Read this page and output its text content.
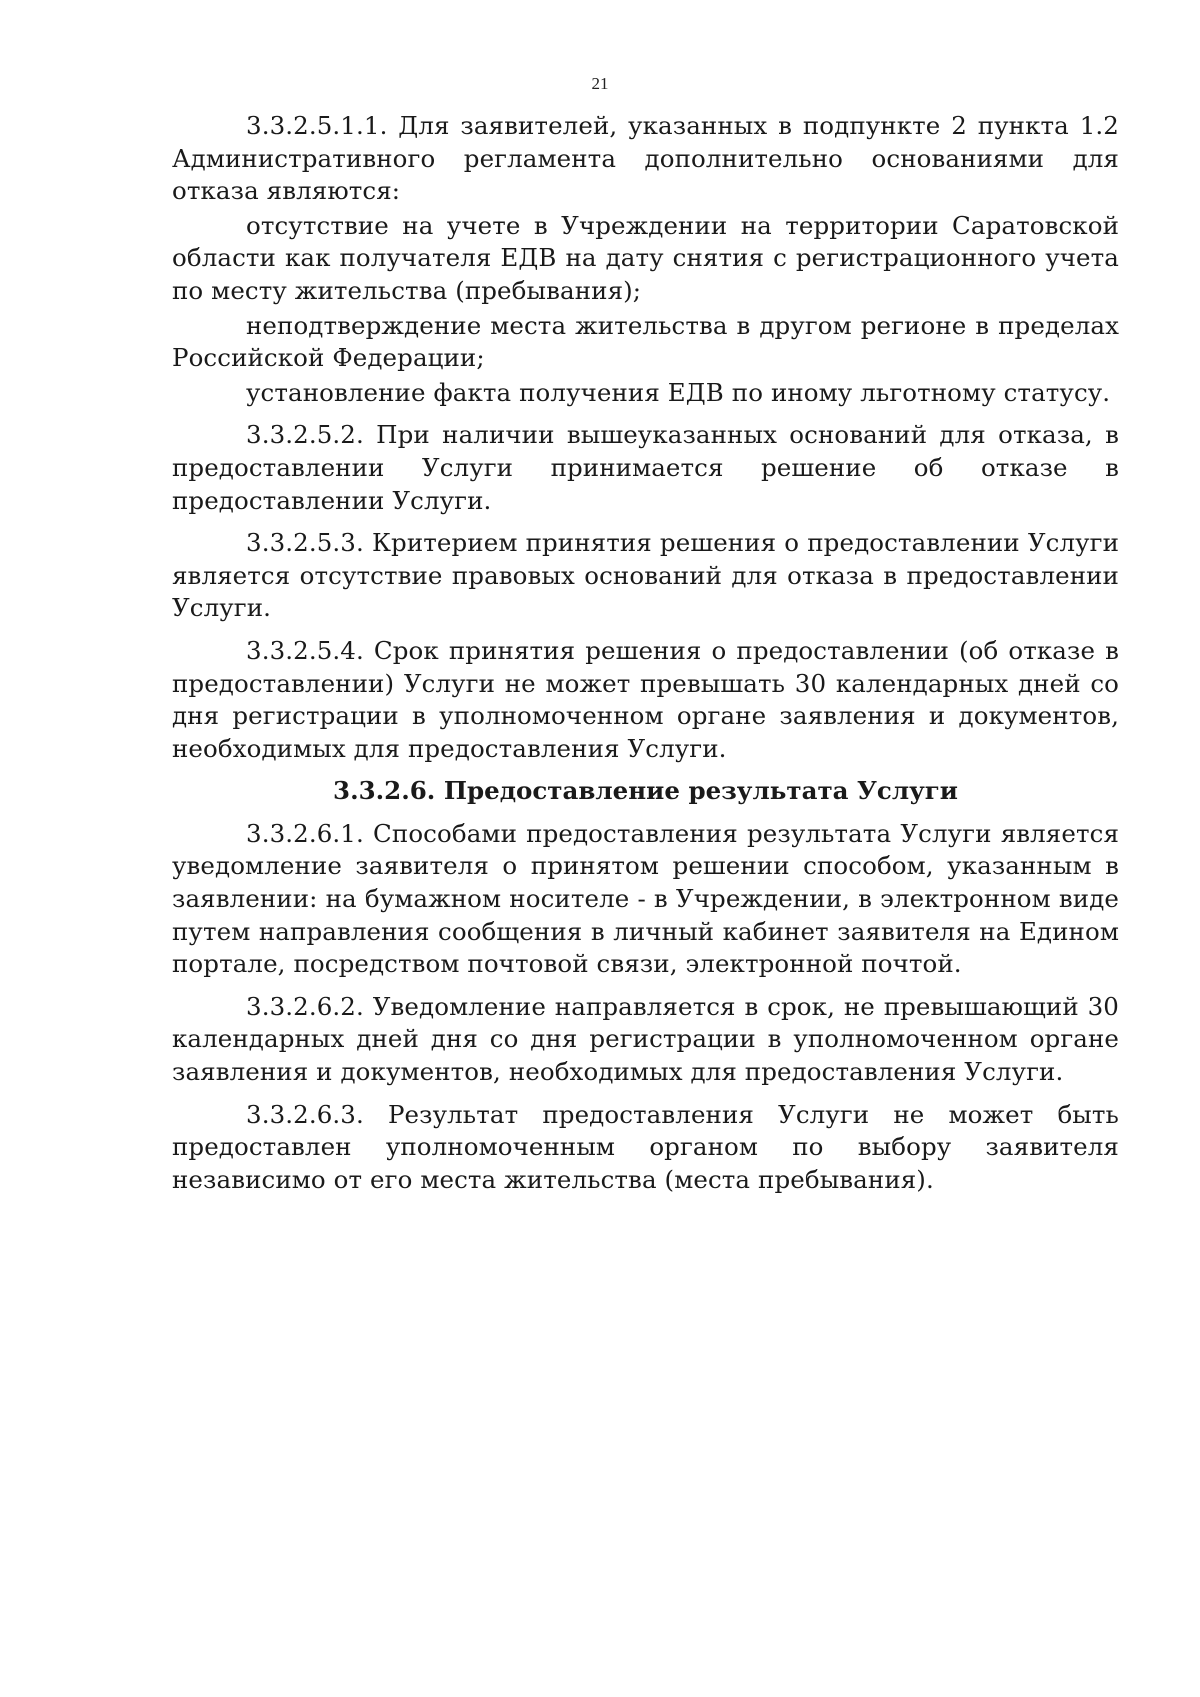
21

3.3.2.5.1.1. Для заявителей, указанных в подпункте 2 пункта 1.2 Административного регламента дополнительно основаниями для отказа являются:

отсутствие на учете в Учреждении на территории Саратовской области как получателя ЕДВ на дату снятия с регистрационного учета по месту жительства (пребывания);

неподтверждение места жительства в другом регионе в пределах Российской Федерации;

установление факта получения ЕДВ по иному льготному статусу.

3.3.2.5.2. При наличии вышеуказанных оснований для отказа, в предоставлении Услуги принимается решение об отказе в предоставлении Услуги.

3.3.2.5.3. Критерием принятия решения о предоставлении Услуги является отсутствие правовых оснований для отказа в предоставлении Услуги.

3.3.2.5.4. Срок принятия решения о предоставлении (об отказе в предоставлении) Услуги не может превышать 30 календарных дней со дня регистрации в уполномоченном органе заявления и документов, необходимых для предоставления Услуги.

3.3.2.6. Предоставление результата Услуги

3.3.2.6.1. Способами предоставления результата Услуги является уведомление заявителя о принятом решении способом, указанным в заявлении: на бумажном носителе - в Учреждении, в электронном виде путем направления сообщения в личный кабинет заявителя на Едином портале, посредством почтовой связи, электронной почтой.

3.3.2.6.2. Уведомление направляется в срок, не превышающий 30 календарных дней дня со дня регистрации в уполномоченном органе заявления и документов, необходимых для предоставления Услуги.

3.3.2.6.3. Результат предоставления Услуги не может быть предоставлен уполномоченным органом по выбору заявителя независимо от его места жительства (места пребывания).
